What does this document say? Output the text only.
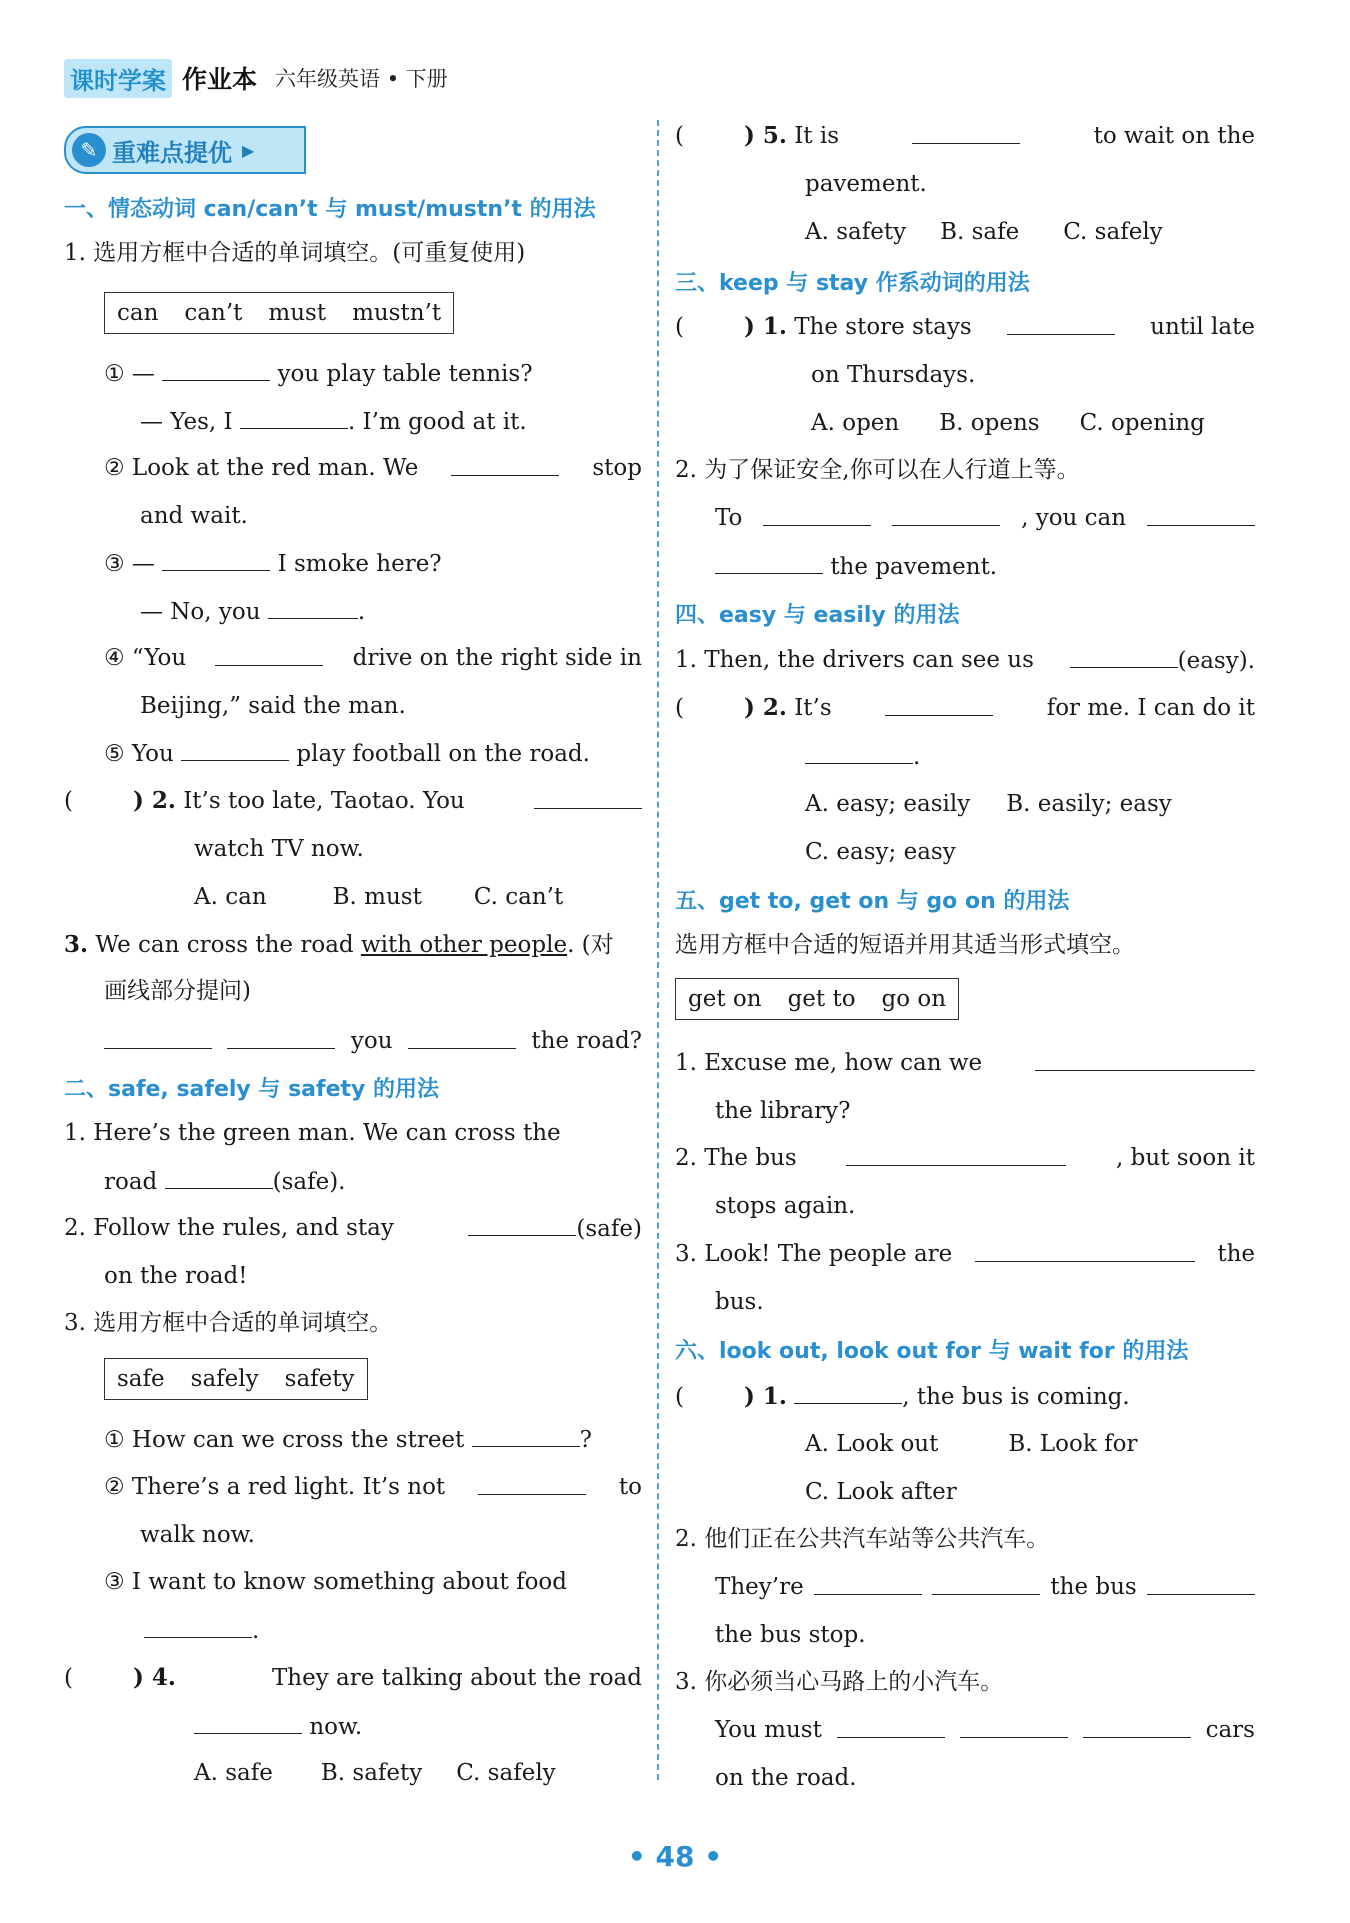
课时学案 作业本 六年级英语 • 下册
✎ 重难点提优 ▶
一、情态动词 can/can’t 与 must/mustn’t 的用法
1. 选用方框中合适的单词填空。(可重复使用)
can can’t must mustn’t
① —	you play table tennis?
— Yes, I	. I’m good at it.
② Look at the red man. We	stop
and wait.
③ —	I smoke here?
— No, you	.
④ “You	drive on the right side in
Beijing,” said the man.
⑤ You	play football on the road.
(	) 2. It’s too late, Taotao. You
watch TV now.
A. can	B. must C. can’t
3. We can cross the road with other people. (对
画线部分提问)
you	the road?
二、safe, safely 与 safety 的用法
1. Here’s the green man. We can cross the
road	(safe).
2. Follow the rules, and stay	(safe)
on the road!
3. 选用方框中合适的单词填空。
safe safely safety
① How can we cross the street	?
② There’s a red light. It’s not	to
walk now.
③ I want to know something about food
.
(	) 4.	They are talking about the road
now.
A. safe B. safety C. safely
(	) 5. It is	to wait on the
pavement.
A. safety B. safe C. safely
三、keep 与 stay 作系动词的用法
(	) 1. The store stays	until late
on Thursdays.
A. open B. opens C. opening
2. 为了保证安全,你可以在人行道上等。
To	, you can
the pavement.
四、easy 与 easily 的用法
1. Then, the drivers can see us	(easy).
(	) 2. It’s	for me. I can do it
.
A. easy; easily B. easily; easy
C. easy; easy
五、get to, get on 与 go on 的用法
选用方框中合适的短语并用其适当形式填空。
get on get to go on
1. Excuse me, how can we
the library?
2. The bus	, but soon it
stops again.
3. Look! The people are	the
bus.
六、look out, look out for 与 wait for 的用法
(	) 1.	, the bus is coming.
A. Look out	B. Look for
C. Look after
2. 他们正在公共汽车站等公共汽车。
They’re	the bus
the bus stop.
3. 你必须当心马路上的小汽车。
You must	cars
on the road.
• 48 •
